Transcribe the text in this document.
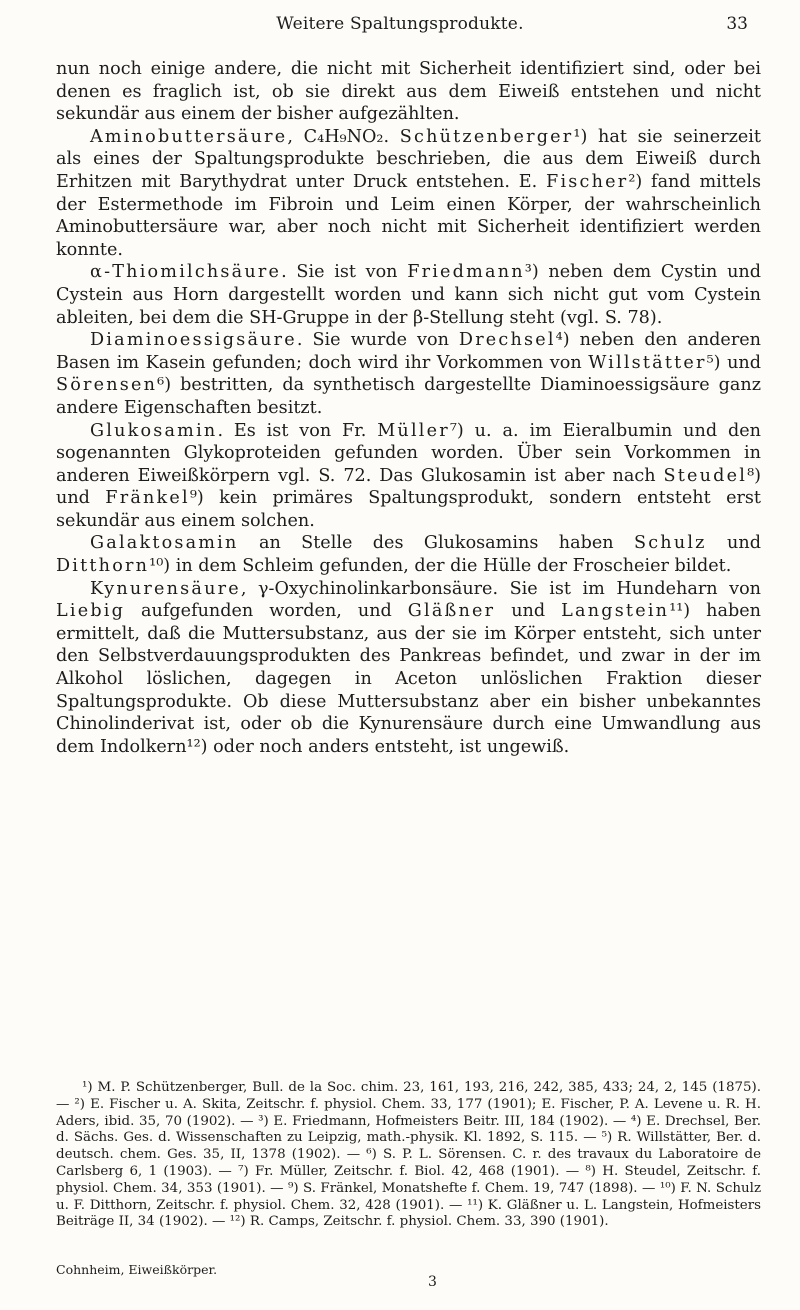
Weitere Spaltungsprodukte.	33

nun noch einige andere, die nicht mit Sicherheit identifiziert sind, oder bei denen es fraglich ist, ob sie direkt aus dem Eiweiß entstehen und nicht sekundär aus einem der bisher aufgezählten.

Aminobuttersäure, C₄H₉NO₂. Schützenberger¹) hat sie seinerzeit als eines der Spaltungsprodukte beschrieben, die aus dem Eiweiß durch Erhitzen mit Barythydrat unter Druck entstehen. E. Fischer²) fand mittels der Estermethode im Fibroin und Leim einen Körper, der wahrscheinlich Aminobuttersäure war, aber noch nicht mit Sicherheit identifiziert werden konnte.

α-Thiomilchsäure. Sie ist von Friedmann³) neben dem Cystin und Cystein aus Horn dargestellt worden und kann sich nicht gut vom Cystein ableiten, bei dem die SH-Gruppe in der β-Stellung steht (vgl. S. 78).

Diaminoessigsäure. Sie wurde von Drechsel⁴) neben den anderen Basen im Kasein gefunden; doch wird ihr Vorkommen von Willstätter⁵) und Sörensen⁶) bestritten, da synthetisch dargestellte Diaminoessigsäure ganz andere Eigenschaften besitzt.

Glukosamin. Es ist von Fr. Müller⁷) u. a. im Eieralbumin und den sogenannten Glykoproteiden gefunden worden. Über sein Vorkommen in anderen Eiweißkörpern vgl. S. 72. Das Glukosamin ist aber nach Steudel⁸) und Fränkel⁹) kein primäres Spaltungsprodukt, sondern entsteht erst sekundär aus einem solchen.

Galaktosamin an Stelle des Glukosamins haben Schulz und Ditthorn¹⁰) in dem Schleim gefunden, der die Hülle der Froscheier bildet.

Kynurensäure, γ-Oxychinolinkarbonsäure. Sie ist im Hundeharn von Liebig aufgefunden worden, und Gläßner und Langstein¹¹) haben ermittelt, daß die Muttersubstanz, aus der sie im Körper entsteht, sich unter den Selbstverdauungsprodukten des Pankreas befindet, und zwar in der im Alkohol löslichen, dagegen in Aceton unlöslichen Fraktion dieser Spaltungsprodukte. Ob diese Muttersubstanz aber ein bisher unbekanntes Chinolinderivat ist, oder ob die Kynurensäure durch eine Umwandlung aus dem Indolkern¹²) oder noch anders entsteht, ist ungewiß.

¹) M. P. Schützenberger, Bull. de la Soc. chim. 23, 161, 193, 216, 242, 385, 433; 24, 2, 145 (1875). — ²) E. Fischer u. A. Skita, Zeitschr. f. physiol. Chem. 33, 177 (1901); E. Fischer, P. A. Levene u. R. H. Aders, ibid. 35, 70 (1902). — ³) E. Friedmann, Hofmeisters Beitr. III, 184 (1902). — ⁴) E. Drechsel, Ber. d. Sächs. Ges. d. Wissenschaften zu Leipzig, math.-physik. Kl. 1892, S. 115. — ⁵) R. Willstätter, Ber. d. deutsch. chem. Ges. 35, II, 1378 (1902). — ⁶) S. P. L. Sörensen. C. r. des travaux du Laboratoire de Carlsberg 6, 1 (1903). — ⁷) Fr. Müller, Zeitschr. f. Biol. 42, 468 (1901). — ⁸) H. Steudel, Zeitschr. f. physiol. Chem. 34, 353 (1901). — ⁹) S. Fränkel, Monatshefte f. Chem. 19, 747 (1898). — ¹⁰) F. N. Schulz u. F. Ditthorn, Zeitschr. f. physiol. Chem. 32, 428 (1901). — ¹¹) K. Gläßner u. L. Langstein, Hofmeisters Beiträge II, 34 (1902). — ¹²) R. Camps, Zeitschr. f. physiol. Chem. 33, 390 (1901).

Cohnheim, Eiweißkörper.
3
